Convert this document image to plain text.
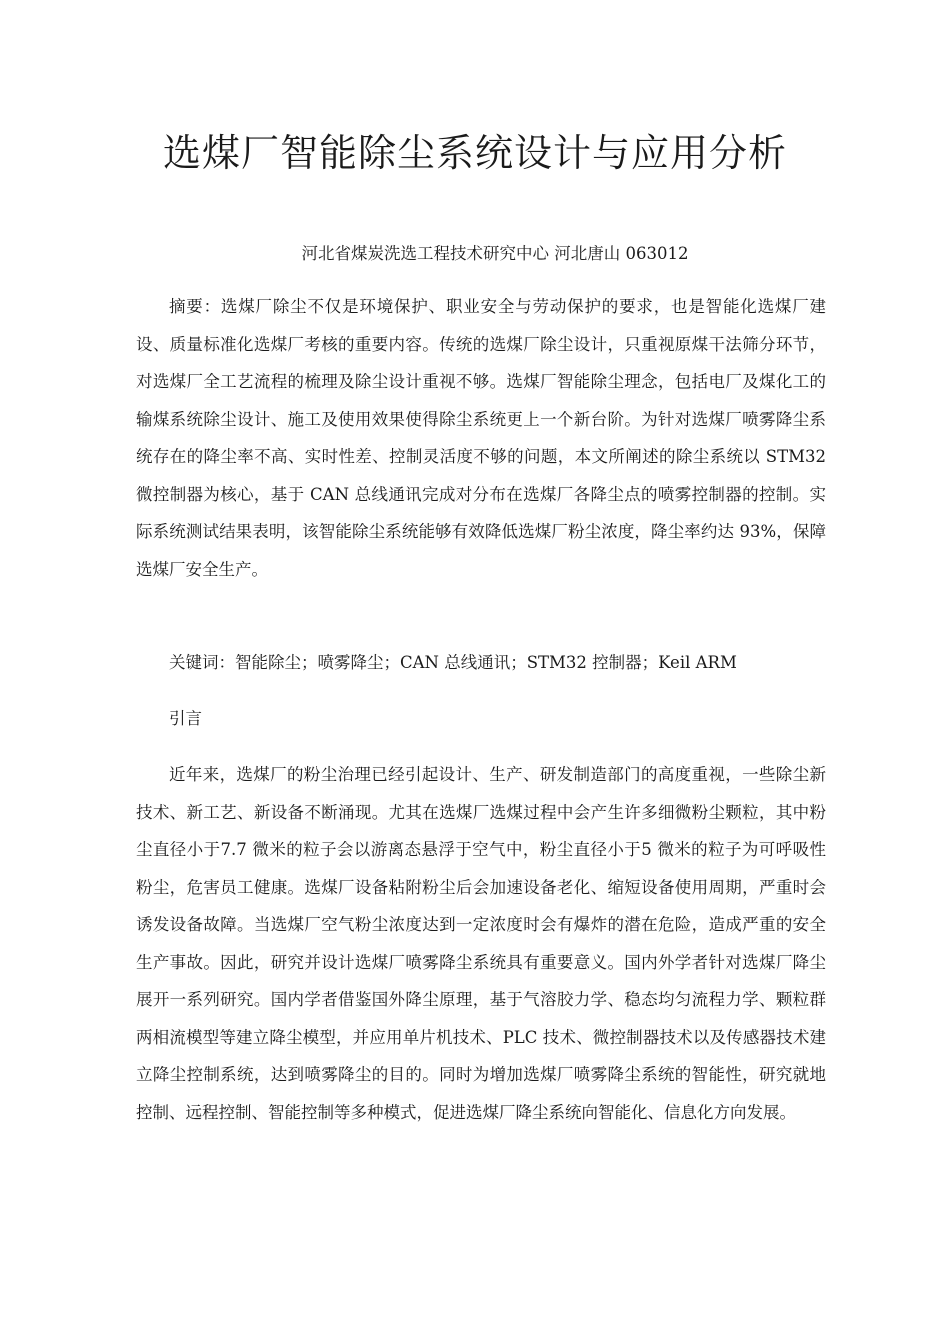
选煤厂智能除尘系统设计与应用分析

河北省煤炭洗选工程技术研究中心 河北唐山 063012

摘要：选煤厂除尘不仅是环境保护、职业安全与劳动保护的要求，也是智能化选煤厂建设、质量标准化选煤厂考核的重要内容。传统的选煤厂除尘设计，只重视原煤干法筛分环节，对选煤厂全工艺流程的梳理及除尘设计重视不够。选煤厂智能除尘理念，包括电厂及煤化工的输煤系统除尘设计、施工及使用效果使得除尘系统更上一个新台阶。为针对选煤厂喷雾降尘系统存在的降尘率不高、实时性差、控制灵活度不够的问题，本文所阐述的除尘系统以 STM32 微控制器为核心，基于 CAN 总线通讯完成对分布在选煤厂各降尘点的喷雾控制器的控制。实际系统测试结果表明，该智能除尘系统能够有效降低选煤厂粉尘浓度，降尘率约达 93%，保障选煤厂安全生产。

关键词：智能除尘；喷雾降尘；CAN 总线通讯；STM32 控制器；Keil ARM

引言

近年来，选煤厂的粉尘治理已经引起设计、生产、研发制造部门的高度重视，一些除尘新技术、新工艺、新设备不断涌现。尤其在选煤厂选煤过程中会产生许多细微粉尘颗粒，其中粉尘直径小于7.7 微米的粒子会以游离态悬浮于空气中，粉尘直径小于5 微米的粒子为可呼吸性粉尘，危害员工健康。选煤厂设备粘附粉尘后会加速设备老化、缩短设备使用周期，严重时会诱发设备故障。当选煤厂空气粉尘浓度达到一定浓度时会有爆炸的潜在危险，造成严重的安全生产事故。因此，研究并设计选煤厂喷雾降尘系统具有重要意义。国内外学者针对选煤厂降尘展开一系列研究。国内学者借鉴国外降尘原理，基于气溶胶力学、稳态均匀流程力学、颗粒群两相流模型等建立降尘模型，并应用单片机技术、PLC 技术、微控制器技术以及传感器技术建立降尘控制系统，达到喷雾降尘的目的。同时为增加选煤厂喷雾降尘系统的智能性，研究就地控制、远程控制、智能控制等多种模式，促进选煤厂降尘系统向智能化、信息化方向发展。
